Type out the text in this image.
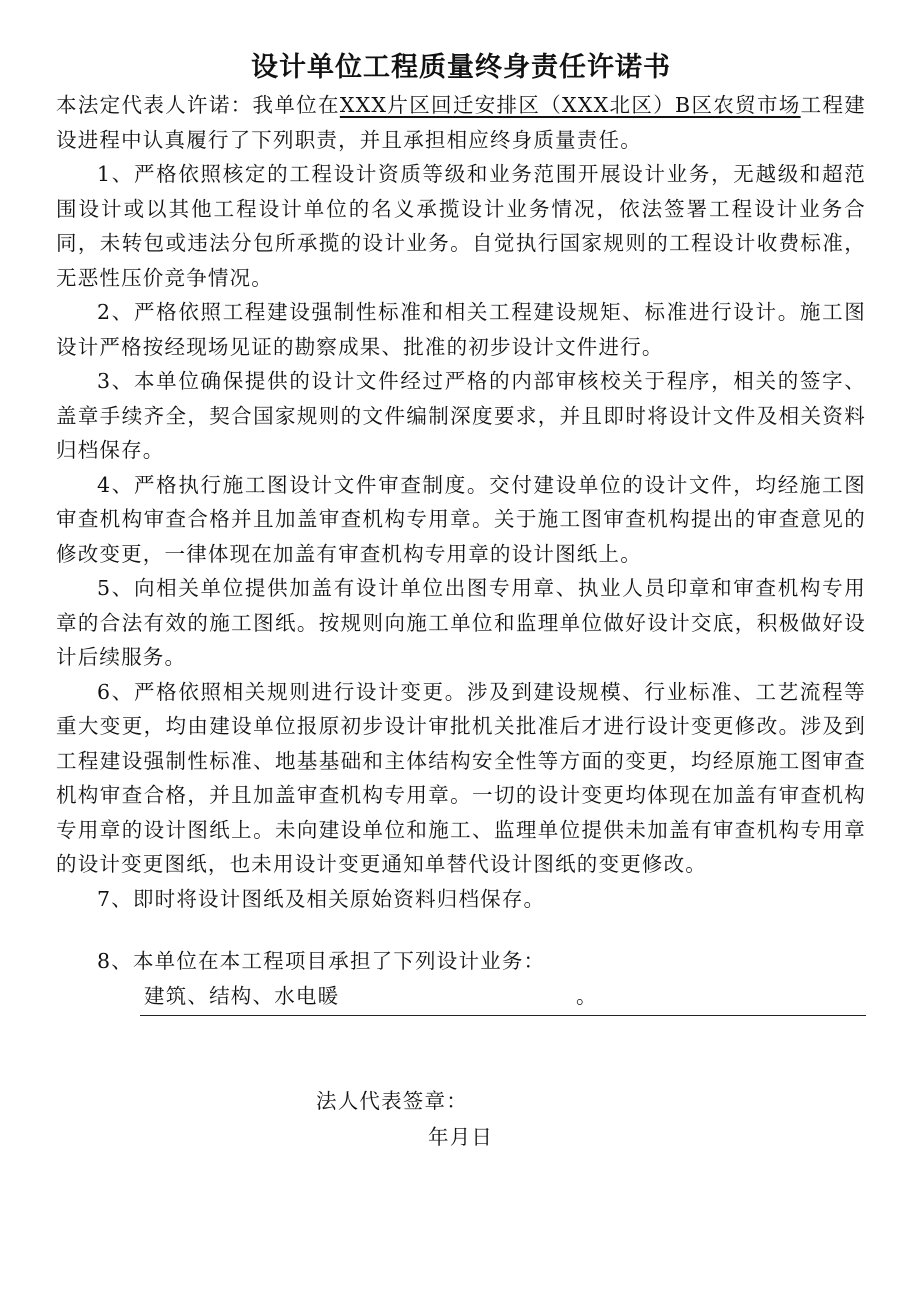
设计单位工程质量终身责任许诺书

本法定代表人许诺：我单位在XXX片区回迁安排区（XXX北区）B区农贸市场工程建设进程中认真履行了下列职责，并且承担相应终身质量责任。

1、严格依照核定的工程设计资质等级和业务范围开展设计业务，无越级和超范围设计或以其他工程设计单位的名义承揽设计业务情况，依法签署工程设计业务合同，未转包或违法分包所承揽的设计业务。自觉执行国家规则的工程设计收费标准，无恶性压价竞争情况。

2、严格依照工程建设强制性标准和相关工程建设规矩、标准进行设计。施工图设计严格按经现场见证的勘察成果、批准的初步设计文件进行。

3、本单位确保提供的设计文件经过严格的内部审核校关于程序，相关的签字、盖章手续齐全，契合国家规则的文件编制深度要求，并且即时将设计文件及相关资料归档保存。

4、严格执行施工图设计文件审查制度。交付建设单位的设计文件，均经施工图审查机构审查合格并且加盖审查机构专用章。关于施工图审查机构提出的审查意见的修改变更，一律体现在加盖有审查机构专用章的设计图纸上。

5、向相关单位提供加盖有设计单位出图专用章、执业人员印章和审查机构专用章的合法有效的施工图纸。按规则向施工单位和监理单位做好设计交底，积极做好设计后续服务。

6、严格依照相关规则进行设计变更。涉及到建设规模、行业标准、工艺流程等重大变更，均由建设单位报原初步设计审批机关批准后才进行设计变更修改。涉及到工程建设强制性标准、地基基础和主体结构安全性等方面的变更，均经原施工图审查机构审查合格，并且加盖审查机构专用章。一切的设计变更均体现在加盖有审查机构专用章的设计图纸上。未向建设单位和施工、监理单位提供未加盖有审查机构专用章的设计变更图纸，也未用设计变更通知单替代设计图纸的变更修改。

7、即时将设计图纸及相关原始资料归档保存。

8、本单位在本工程项目承担了下列设计业务：

建筑、结构、水电暖	。
法人代表签章：
年月日
